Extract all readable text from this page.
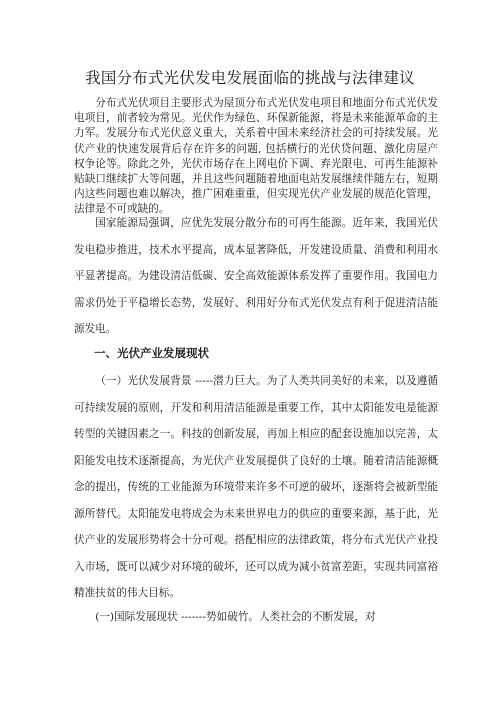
我国分布式光伏发电发展面临的挑战与法律建议

分布式光伏项目主要形式为屋顶分布式光伏发电项目和地面分布式光伏发电项目，前者较为常见。光伏作为绿色、环保新能源，将是未来能源革命的主力军。发展分布式光伏意义重大，关系着中国未来经济社会的可持续发展。光伏产业的快速发展背后存在许多的问题, 包括横行的光伏贷问题、激化房屋产权争论等。除此之外，光伏市场存在上网电价下调、弃光限电、可再生能源补贴缺口继续扩大等问题，并且这些问题随着地面电站发展继续伴随左右，短期内这些问题也难以解决，推广困难重重，但实现光伏产业发展的规范化管理，法律是不可或缺的。

国家能源局强调，应优先发展分散分布的可再生能源。近年来，我国光伏发电稳步推进，技术水平提高，成本显著降低，开发建设质量、消费和利用水平显著提高。为建设清洁低碳、安全高效能源体系发挥了重要作用。我国电力需求仍处于平稳增长态势，发展好、利用好分布式光伏发点有利于促进清洁能源发电。

一、光伏产业发展现状

（一）光伏发展背景 -----潜力巨大。为了人类共同美好的未来，以及遵循可持续发展的原则，开发和利用清洁能源是重要工作，其中太阳能发电是能源转型的关键因素之一。科技的创新发展，再加上相应的配套设施加以完善，太阳能发电技术逐渐提高，为光伏产业发展提供了良好的土壤。随着清洁能源概念的提出，传统的工业能源为环境带来许多不可逆的破坏，逐渐将会被新型能源所替代。太阳能发电将成会为未来世界电力的供应的重要来源，基于此，光伏产业的发展形势将会十分可观。搭配相应的法律政策，将分布式光伏产业投入市场，既可以减少对环境的破坏，还可以成为减小贫富差距，实现共同富裕精准扶贫的伟大目标。

(一)国际发展现状 -------势如破竹。人类社会的不断发展，对
